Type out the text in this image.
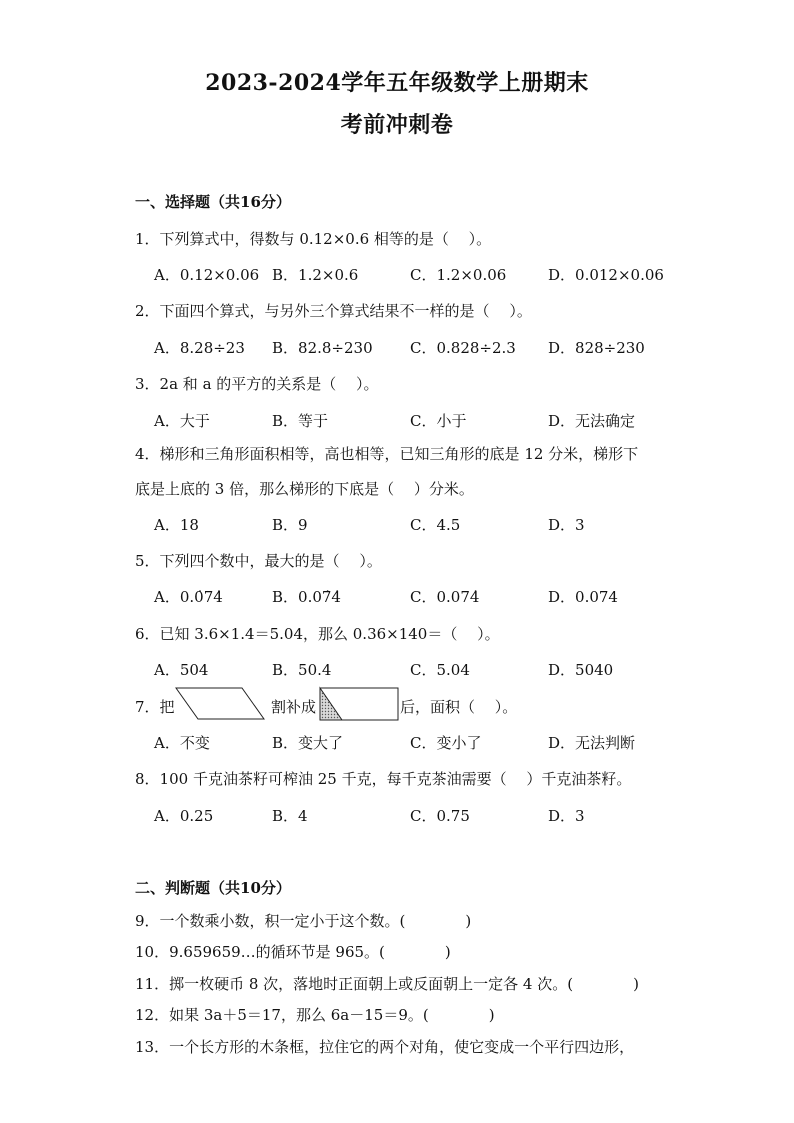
2023-2024学年五年级数学上册期末
考前冲刺卷
一、选择题（共16分）
1．下列算式中，得数与 0.12×0.6 相等的是（　 ）。
A．0.12×0.06 B．1.2×0.6	C．1.2×0.06	D．0.012×0.06
2．下面四个算式，与另外三个算式结果不一样的是（　 ）。
A．8.28÷23 B．82.8÷230 C．0.828÷2.3 D．828÷230
3．2a 和 a 的平方的关系是（　 ）。
A．大于	B．等于	C．小于	D．无法确定
4．梯形和三角形面积相等，高也相等，已知三角形的底是 12 分米，梯形下
底是上底的 3 倍，那么梯形的下底是（　 ）分米。
A．18	B．9	C．4.5	D．3
5．下列四个数中，最大的是（　 ）。
A．0.0̇74̇	B．0.07̇4̇	C．0.074̇	D．0.074
6．已知 3.6×1.4＝5.04，那么 0.36×140＝（　 ）。
A．504	B．50.4	C．5.04	D．5040
7．把	割补成	后，面积（　 ）。
A．不变	B．变大了	C．变小了	D．无法判断
8．100 千克油茶籽可榨油 25 千克，每千克茶油需要（　 ）千克油茶籽。
A．0.25	B．4	C．0.75	D．3
二、判断题（共10分）
9．一个数乘小数，积一定小于这个数。(　　　　)
10．9.659659…的循环节是 965。(　　　　)
11．掷一枚硬币 8 次，落地时正面朝上或反面朝上一定各 4 次。(　　　　)
12．如果 3a＋5＝17，那么 6a－15＝9。(　　　　)
13．一个长方形的木条框，拉住它的两个对角，使它变成一个平行四边形，
